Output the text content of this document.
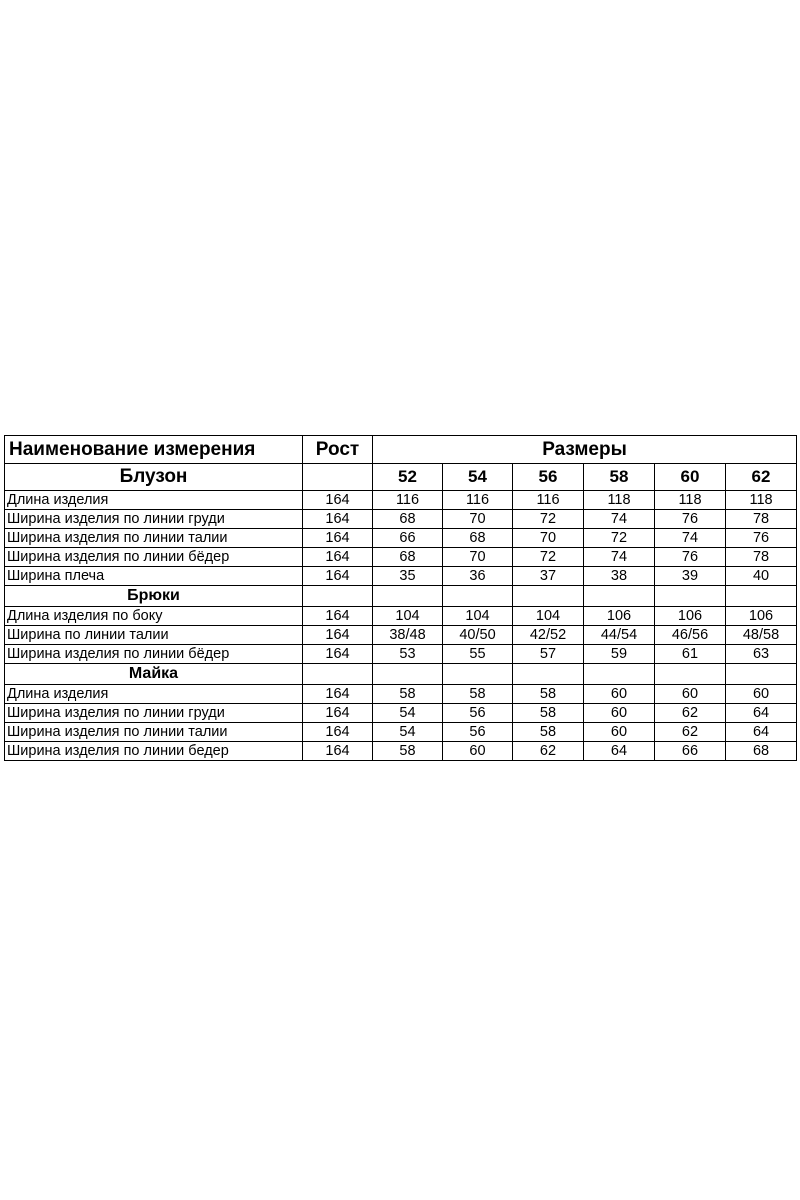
Наименование измерения	Рост	Размеры					
Блузон		52	54	56	58	60	62
Длина изделия	164	116	116	116	118	118	118
Ширина изделия по линии груди	164	68	70	72	74	76	78
Ширина изделия по линии талии	164	66	68	70	72	74	76
Ширина изделия по линии бёдер	164	68	70	72	74	76	78
Ширина плеча	164	35	36	37	38	39	40
Брюки							
Длина изделия по боку	164	104	104	104	106	106	106
Ширина по линии талии	164	38/48	40/50	42/52	44/54	46/56	48/58
Ширина изделия по линии бёдер	164	53	55	57	59	61	63
Майка							
Длина изделия	164	58	58	58	60	60	60
Ширина изделия по линии груди	164	54	56	58	60	62	64
Ширина изделия по линии талии	164	54	56	58	60	62	64
Ширина изделия по линии бедер	164	58	60	62	64	66	68
